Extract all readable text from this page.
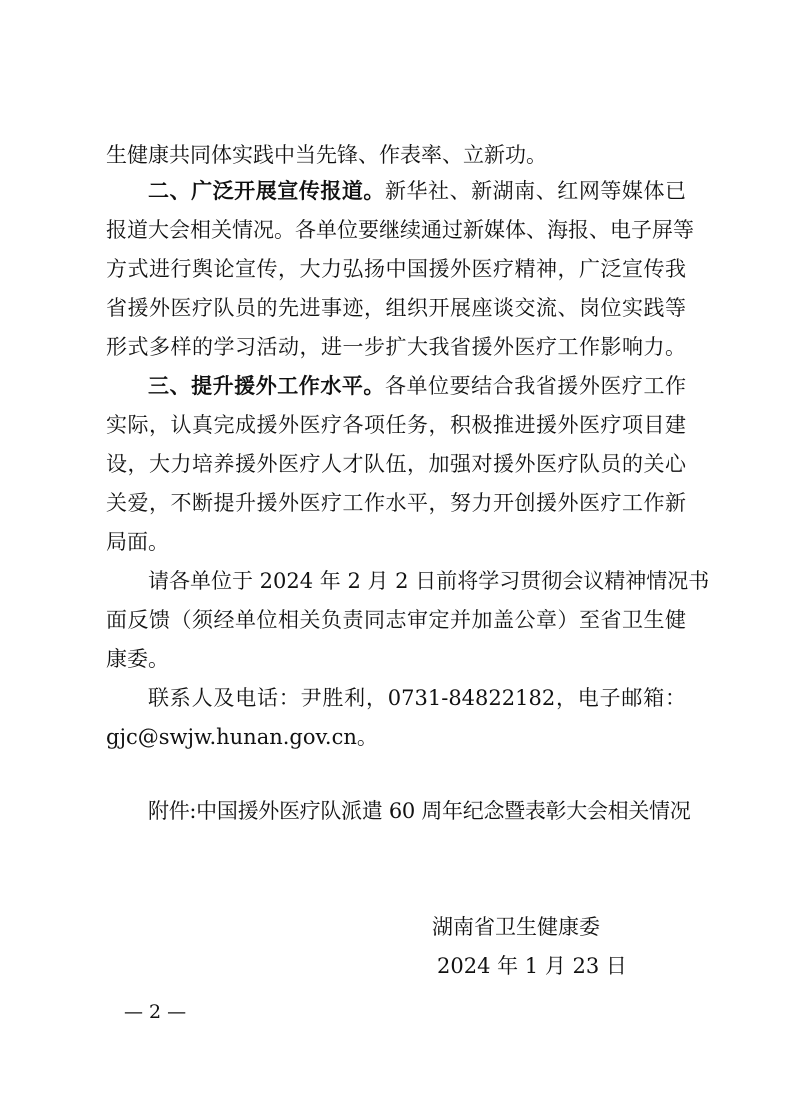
生健康共同体实践中当先锋、作表率、立新功。
二、广泛开展宣传报道。新华社、新湖南、红网等媒体已
报道大会相关情况。各单位要继续通过新媒体、海报、电子屏等
方式进行舆论宣传，大力弘扬中国援外医疗精神，广泛宣传我
省援外医疗队员的先进事迹，组织开展座谈交流、岗位实践等
形式多样的学习活动，进一步扩大我省援外医疗工作影响力。
三、提升援外工作水平。各单位要结合我省援外医疗工作
实际，认真完成援外医疗各项任务，积极推进援外医疗项目建
设，大力培养援外医疗人才队伍，加强对援外医疗队员的关心
关爱，不断提升援外医疗工作水平，努力开创援外医疗工作新
局面。
请各单位于 2024 年 2 月 2 日前将学习贯彻会议精神情况书
面反馈（须经单位相关负责同志审定并加盖公章）至省卫生健
康委。
联系人及电话：尹胜利，0731-84822182，电子邮箱：
gjc@swjw.hunan.gov.cn。
附件:中国援外医疗队派遣 60 周年纪念暨表彰大会相关情况
湖南省卫生健康委
2024 年 1 月 23 日
— 2 —
